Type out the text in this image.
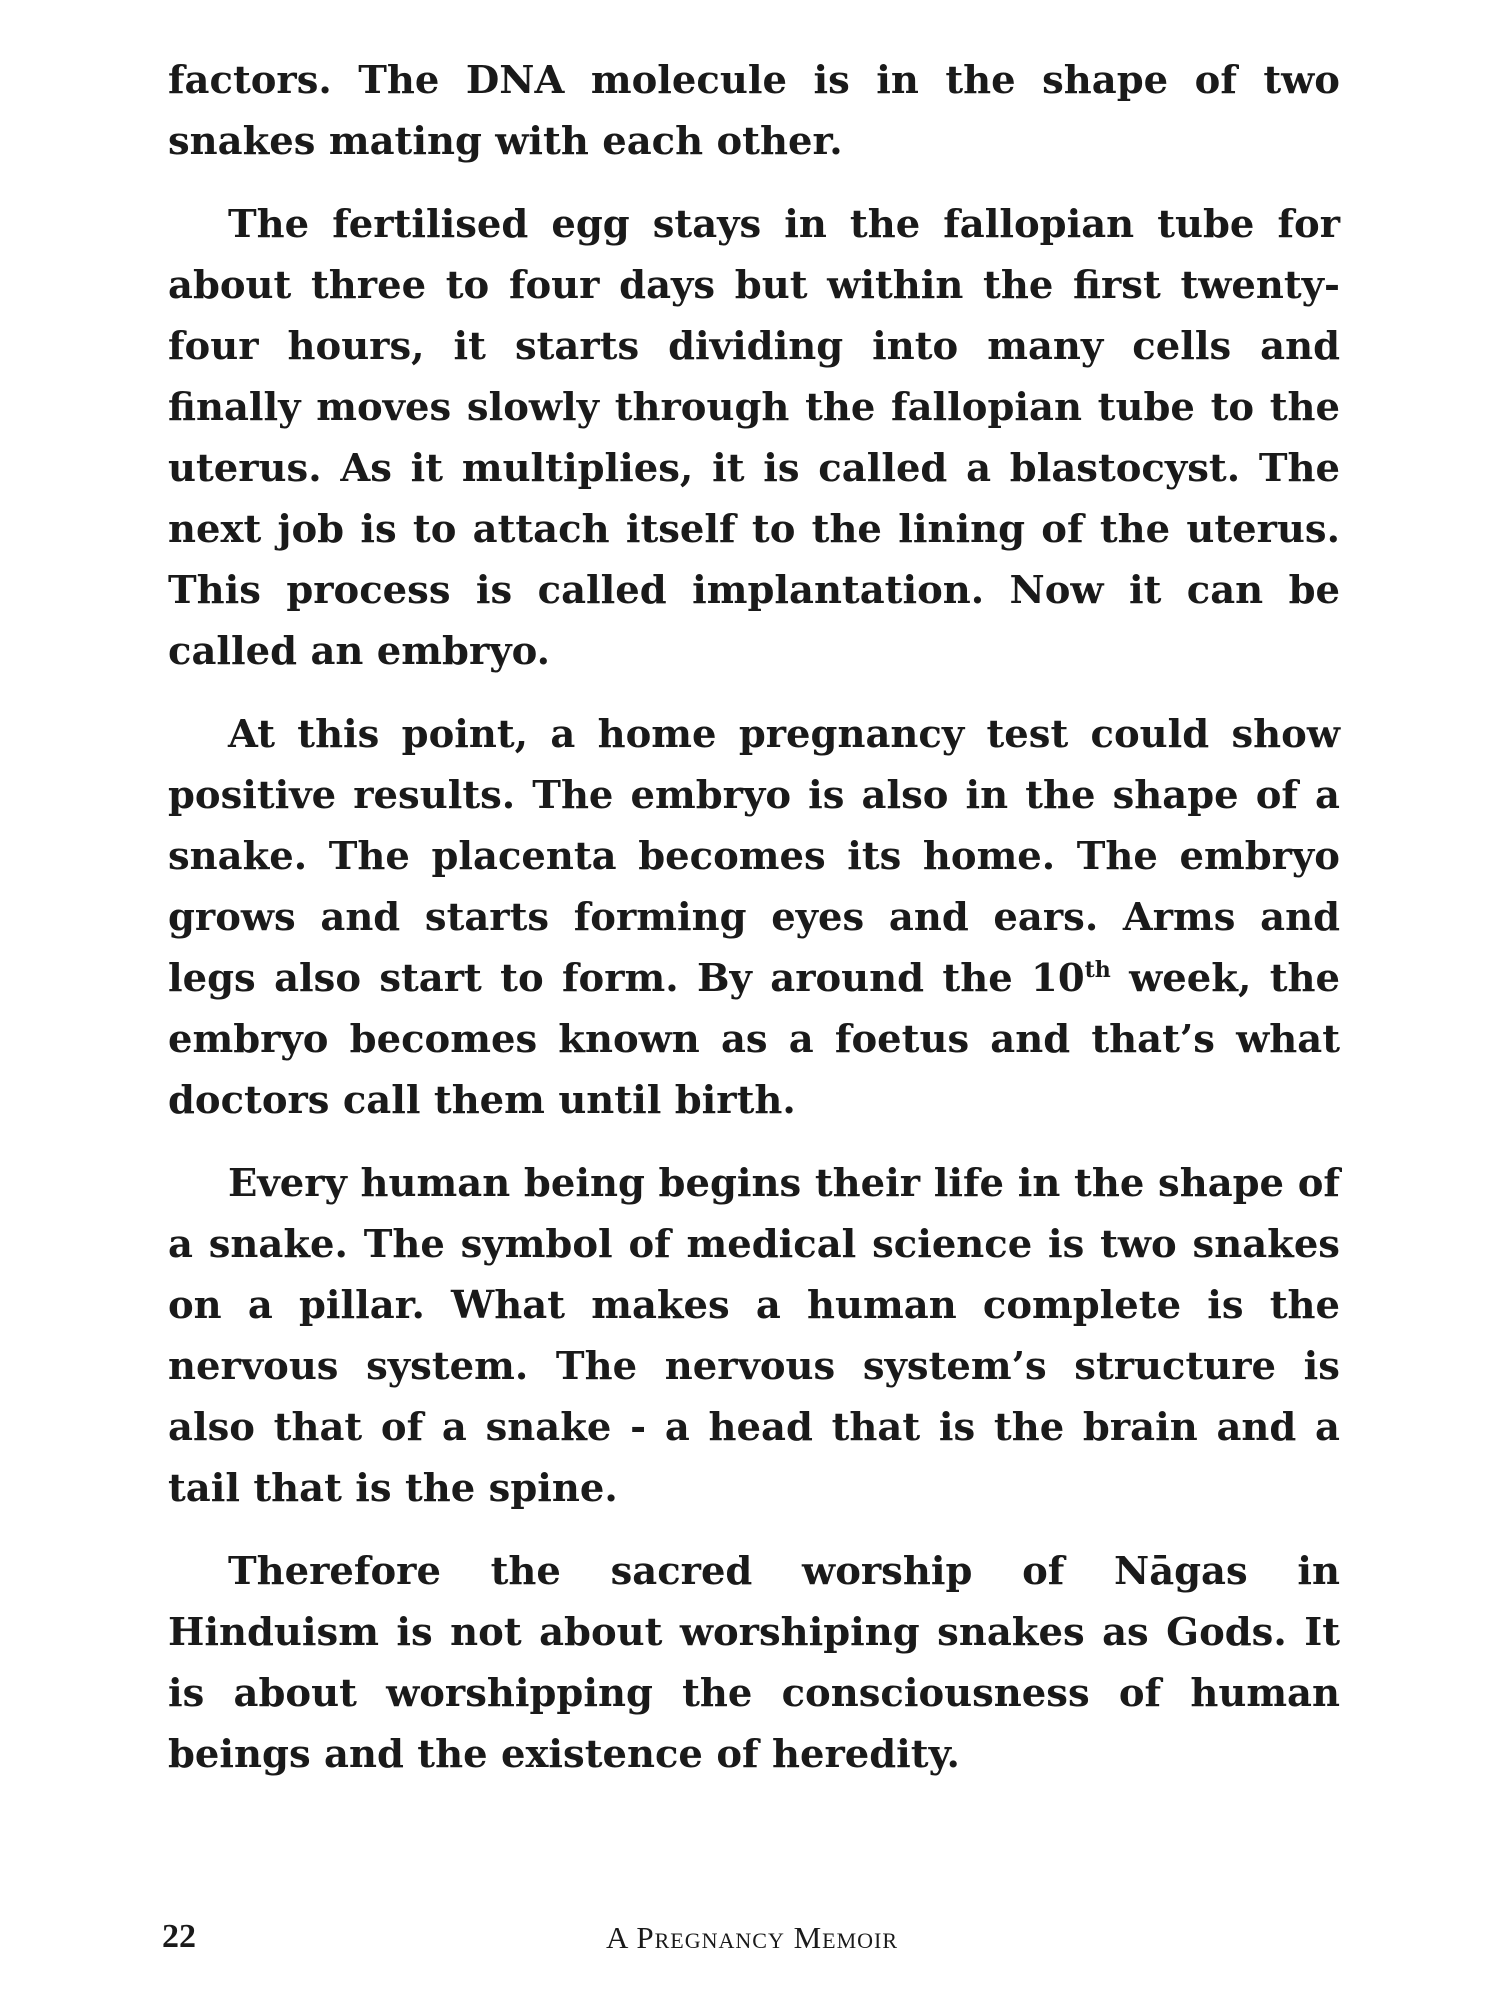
factors. The DNA molecule is in the shape of two snakes mating with each other.

The fertilised egg stays in the fallopian tube for about three to four days but within the first twenty-four hours, it starts dividing into many cells and finally moves slowly through the fallopian tube to the uterus. As it multiplies, it is called a blastocyst. The next job is to attach itself to the lining of the uterus. This process is called implantation. Now it can be called an embryo.

At this point, a home pregnancy test could show positive results. The embryo is also in the shape of a snake. The placenta becomes its home. The embryo grows and starts forming eyes and ears. Arms and legs also start to form. By around the 10th week, the embryo becomes known as a foetus and that’s what doctors call them until birth.

Every human being begins their life in the shape of a snake. The symbol of medical science is two snakes on a pillar. What makes a human complete is the nervous system. The nervous system’s structure is also that of a snake - a head that is the brain and a tail that is the spine.

Therefore the sacred worship of Nāgas in Hinduism is not about worshiping snakes as Gods. It is about worshipping the consciousness of human beings and the existence of heredity.

22	A Pregnancy Memoir
